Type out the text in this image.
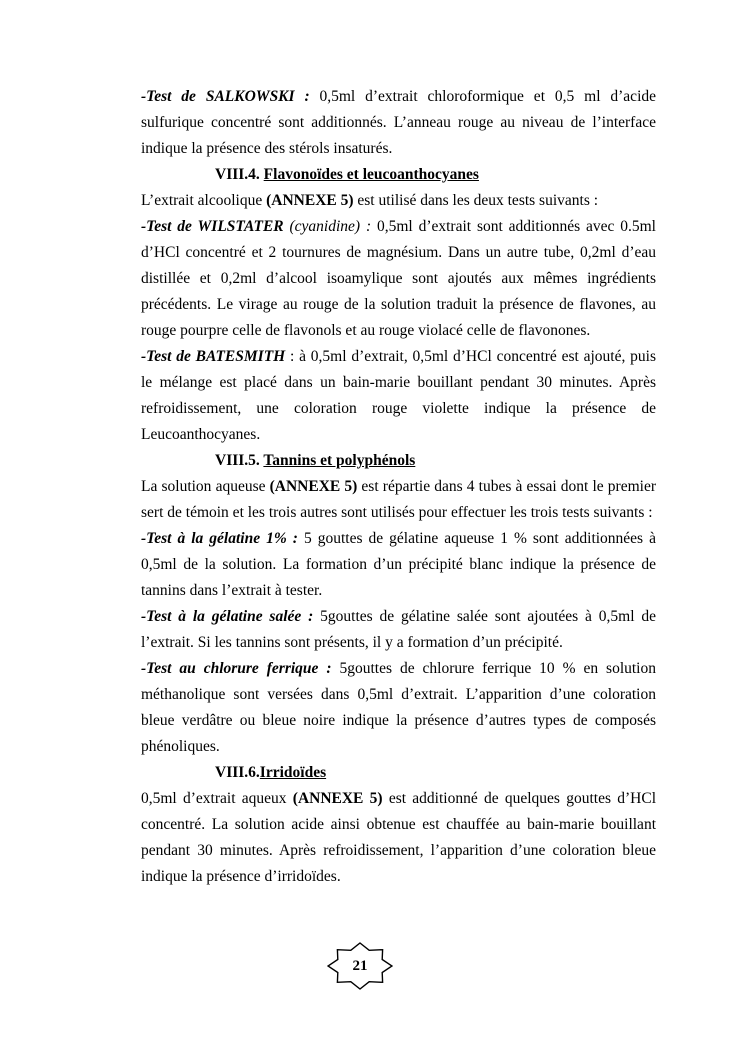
-Test de SALKOWSKI : 0,5ml d’extrait chloroformique et 0,5 ml d’acide sulfurique concentré sont additionnés. L’anneau rouge au niveau de l’interface indique la présence des stérols insaturés.

VIII.4. Flavonoïdes et leucoanthocyanes

L’extrait alcoolique (ANNEXE 5) est utilisé dans les deux tests suivants :

-Test de WILSTATER (cyanidine) : 0,5ml d’extrait sont additionnés avec 0.5ml d’HCl concentré et 2 tournures de magnésium. Dans un autre tube, 0,2ml d’eau distillée et 0,2ml d’alcool isoamylique sont ajoutés aux mêmes ingrédients précédents. Le virage au rouge de la solution traduit la présence de flavones, au rouge pourpre celle de flavonols et au rouge violacé celle de flavonones.

-Test de BATESMITH : à 0,5ml d’extrait, 0,5ml d’HCl concentré est ajouté, puis le mélange est placé dans un bain-marie bouillant pendant 30 minutes. Après refroidissement, une coloration rouge violette indique la présence de Leucoanthocyanes.

VIII.5. Tannins et polyphénols

La solution aqueuse (ANNEXE 5) est répartie dans 4 tubes à essai dont le premier sert de témoin et les trois autres sont utilisés pour effectuer les trois tests suivants :

-Test à la gélatine 1% : 5 gouttes de gélatine aqueuse 1 % sont additionnées à 0,5ml de la solution. La formation d’un précipité blanc indique la présence de tannins dans l’extrait à tester.

-Test à la gélatine salée : 5gouttes de gélatine salée sont ajoutées à 0,5ml de l’extrait. Si les tannins sont présents, il y a formation d’un précipité.

-Test au chlorure ferrique : 5gouttes de chlorure ferrique 10 % en solution méthanolique sont versées dans 0,5ml d’extrait. L’apparition d’une coloration bleue verdâtre ou bleue noire indique la présence d’autres types de composés phénoliques.

VIII.6.Irridoïdes

0,5ml d’extrait aqueux (ANNEXE 5) est additionné de quelques gouttes d’HCl concentré. La solution acide ainsi obtenue est chauffée au bain-marie bouillant pendant 30 minutes. Après refroidissement, l’apparition d’une coloration bleue indique la présence d’irridoïdes.

21
